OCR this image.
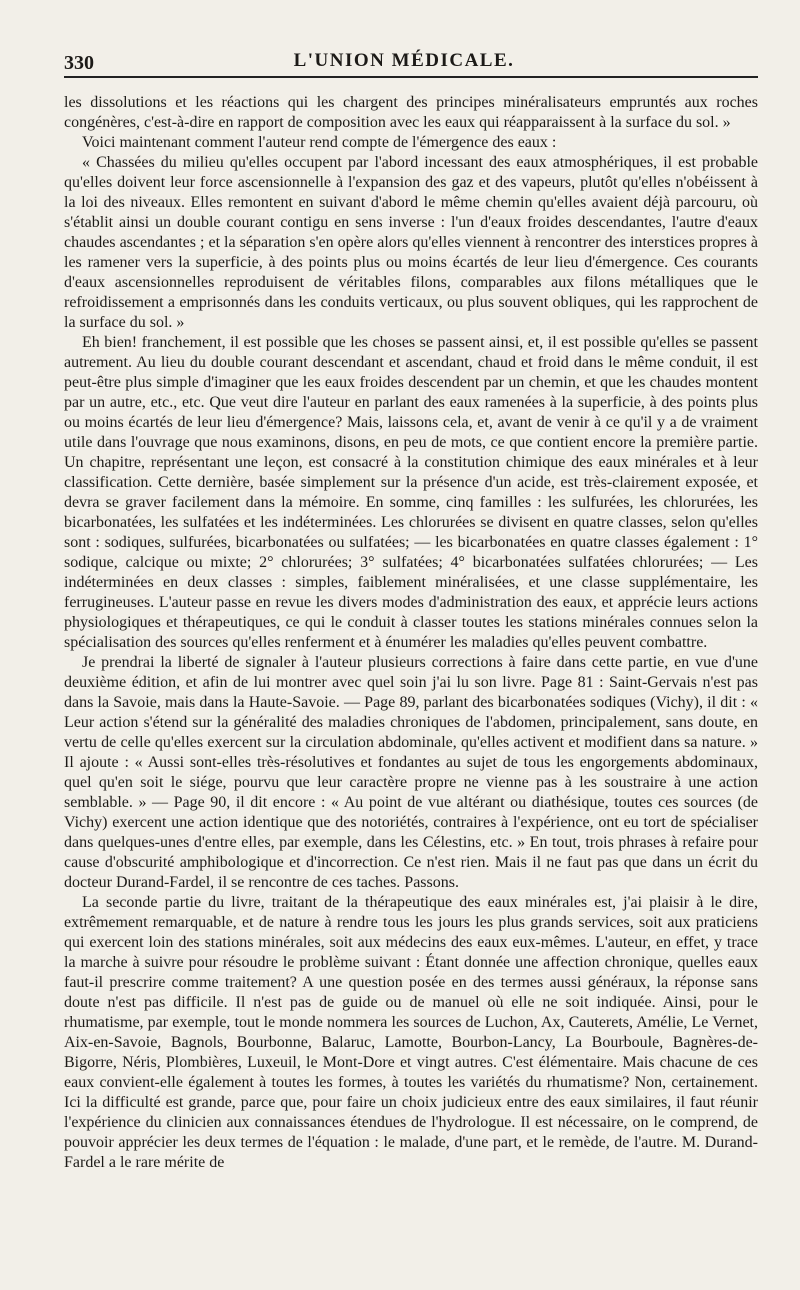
330	L'UNION MÉDICALE.

les dissolutions et les réactions qui les chargent des principes minéralisateurs empruntés aux roches congénères, c'est-à-dire en rapport de composition avec les eaux qui réapparaissent à la surface du sol. »

Voici maintenant comment l'auteur rend compte de l'émergence des eaux :

« Chassées du milieu qu'elles occupent par l'abord incessant des eaux atmosphériques, il est probable qu'elles doivent leur force ascensionnelle à l'expansion des gaz et des vapeurs, plutôt qu'elles n'obéissent à la loi des niveaux. Elles remontent en suivant d'abord le même chemin qu'elles avaient déjà parcouru, où s'établit ainsi un double courant contigu en sens inverse : l'un d'eaux froides descendantes, l'autre d'eaux chaudes ascendantes ; et la séparation s'en opère alors qu'elles viennent à rencontrer des interstices propres à les ramener vers la superficie, à des points plus ou moins écartés de leur lieu d'émergence. Ces courants d'eaux ascensionnelles reproduisent de véritables filons, comparables aux filons métalliques que le refroidissement a emprisonnés dans les conduits verticaux, ou plus souvent obliques, qui les rapprochent de la surface du sol. »

Eh bien! franchement, il est possible que les choses se passent ainsi, et, il est possible qu'elles se passent autrement. Au lieu du double courant descendant et ascendant, chaud et froid dans le même conduit, il est peut-être plus simple d'imaginer que les eaux froides descendent par un chemin, et que les chaudes montent par un autre, etc., etc. Que veut dire l'auteur en parlant des eaux ramenées à la superficie, à des points plus ou moins écartés de leur lieu d'émergence? Mais, laissons cela, et, avant de venir à ce qu'il y a de vraiment utile dans l'ouvrage que nous examinons, disons, en peu de mots, ce que contient encore la première partie. Un chapitre, représentant une leçon, est consacré à la constitution chimique des eaux minérales et à leur classification. Cette dernière, basée simplement sur la présence d'un acide, est très-clairement exposée, et devra se graver facilement dans la mémoire. En somme, cinq familles : les sulfurées, les chlorurées, les bicarbonatées, les sulfatées et les indéterminées. Les chlorurées se divisent en quatre classes, selon qu'elles sont : sodiques, sulfurées, bicarbonatées ou sulfatées; — les bicarbonatées en quatre classes également : 1° sodique, calcique ou mixte; 2° chlorurées; 3° sulfatées; 4° bicarbonatées sulfatées chlorurées; — Les indéterminées en deux classes : simples, faiblement minéralisées, et une classe supplémentaire, les ferrugineuses. L'auteur passe en revue les divers modes d'administration des eaux, et apprécie leurs actions physiologiques et thérapeutiques, ce qui le conduit à classer toutes les stations minérales connues selon la spécialisation des sources qu'elles renferment et à énumérer les maladies qu'elles peuvent combattre.

Je prendrai la liberté de signaler à l'auteur plusieurs corrections à faire dans cette partie, en vue d'une deuxième édition, et afin de lui montrer avec quel soin j'ai lu son livre. Page 81 : Saint-Gervais n'est pas dans la Savoie, mais dans la Haute-Savoie. — Page 89, parlant des bicarbonatées sodiques (Vichy), il dit : « Leur action s'étend sur la généralité des maladies chroniques de l'abdomen, principalement, sans doute, en vertu de celle qu'elles exercent sur la circulation abdominale, qu'elles activent et modifient dans sa nature. » Il ajoute : « Aussi sont-elles très-résolutives et fondantes au sujet de tous les engorgements abdominaux, quel qu'en soit le siége, pourvu que leur caractère propre ne vienne pas à les soustraire à une action semblable. » — Page 90, il dit encore : « Au point de vue altérant ou diathésique, toutes ces sources (de Vichy) exercent une action identique que des notoriétés, contraires à l'expérience, ont eu tort de spécialiser dans quelques-unes d'entre elles, par exemple, dans les Célestins, etc. » En tout, trois phrases à refaire pour cause d'obscurité amphibologique et d'incorrection. Ce n'est rien. Mais il ne faut pas que dans un écrit du docteur Durand-Fardel, il se rencontre de ces taches. Passons.

La seconde partie du livre, traitant de la thérapeutique des eaux minérales est, j'ai plaisir à le dire, extrêmement remarquable, et de nature à rendre tous les jours les plus grands services, soit aux praticiens qui exercent loin des stations minérales, soit aux médecins des eaux eux-mêmes. L'auteur, en effet, y trace la marche à suivre pour résoudre le problème suivant : Étant donnée une affection chronique, quelles eaux faut-il prescrire comme traitement? A une question posée en des termes aussi généraux, la réponse sans doute n'est pas difficile. Il n'est pas de guide ou de manuel où elle ne soit indiquée. Ainsi, pour le rhumatisme, par exemple, tout le monde nommera les sources de Luchon, Ax, Cauterets, Amélie, Le Vernet, Aix-en-Savoie, Bagnols, Bourbonne, Balaruc, Lamotte, Bourbon-Lancy, La Bourboule, Bagnères-de-Bigorre, Néris, Plombières, Luxeuil, le Mont-Dore et vingt autres. C'est élémentaire. Mais chacune de ces eaux convient-elle également à toutes les formes, à toutes les variétés du rhumatisme? Non, certainement. Ici la difficulté est grande, parce que, pour faire un choix judicieux entre des eaux similaires, il faut réunir l'expérience du clinicien aux connaissances étendues de l'hydrologue. Il est nécessaire, on le comprend, de pouvoir apprécier les deux termes de l'équation : le malade, d'une part, et le remède, de l'autre. M. Durand-Fardel a le rare mérite de
